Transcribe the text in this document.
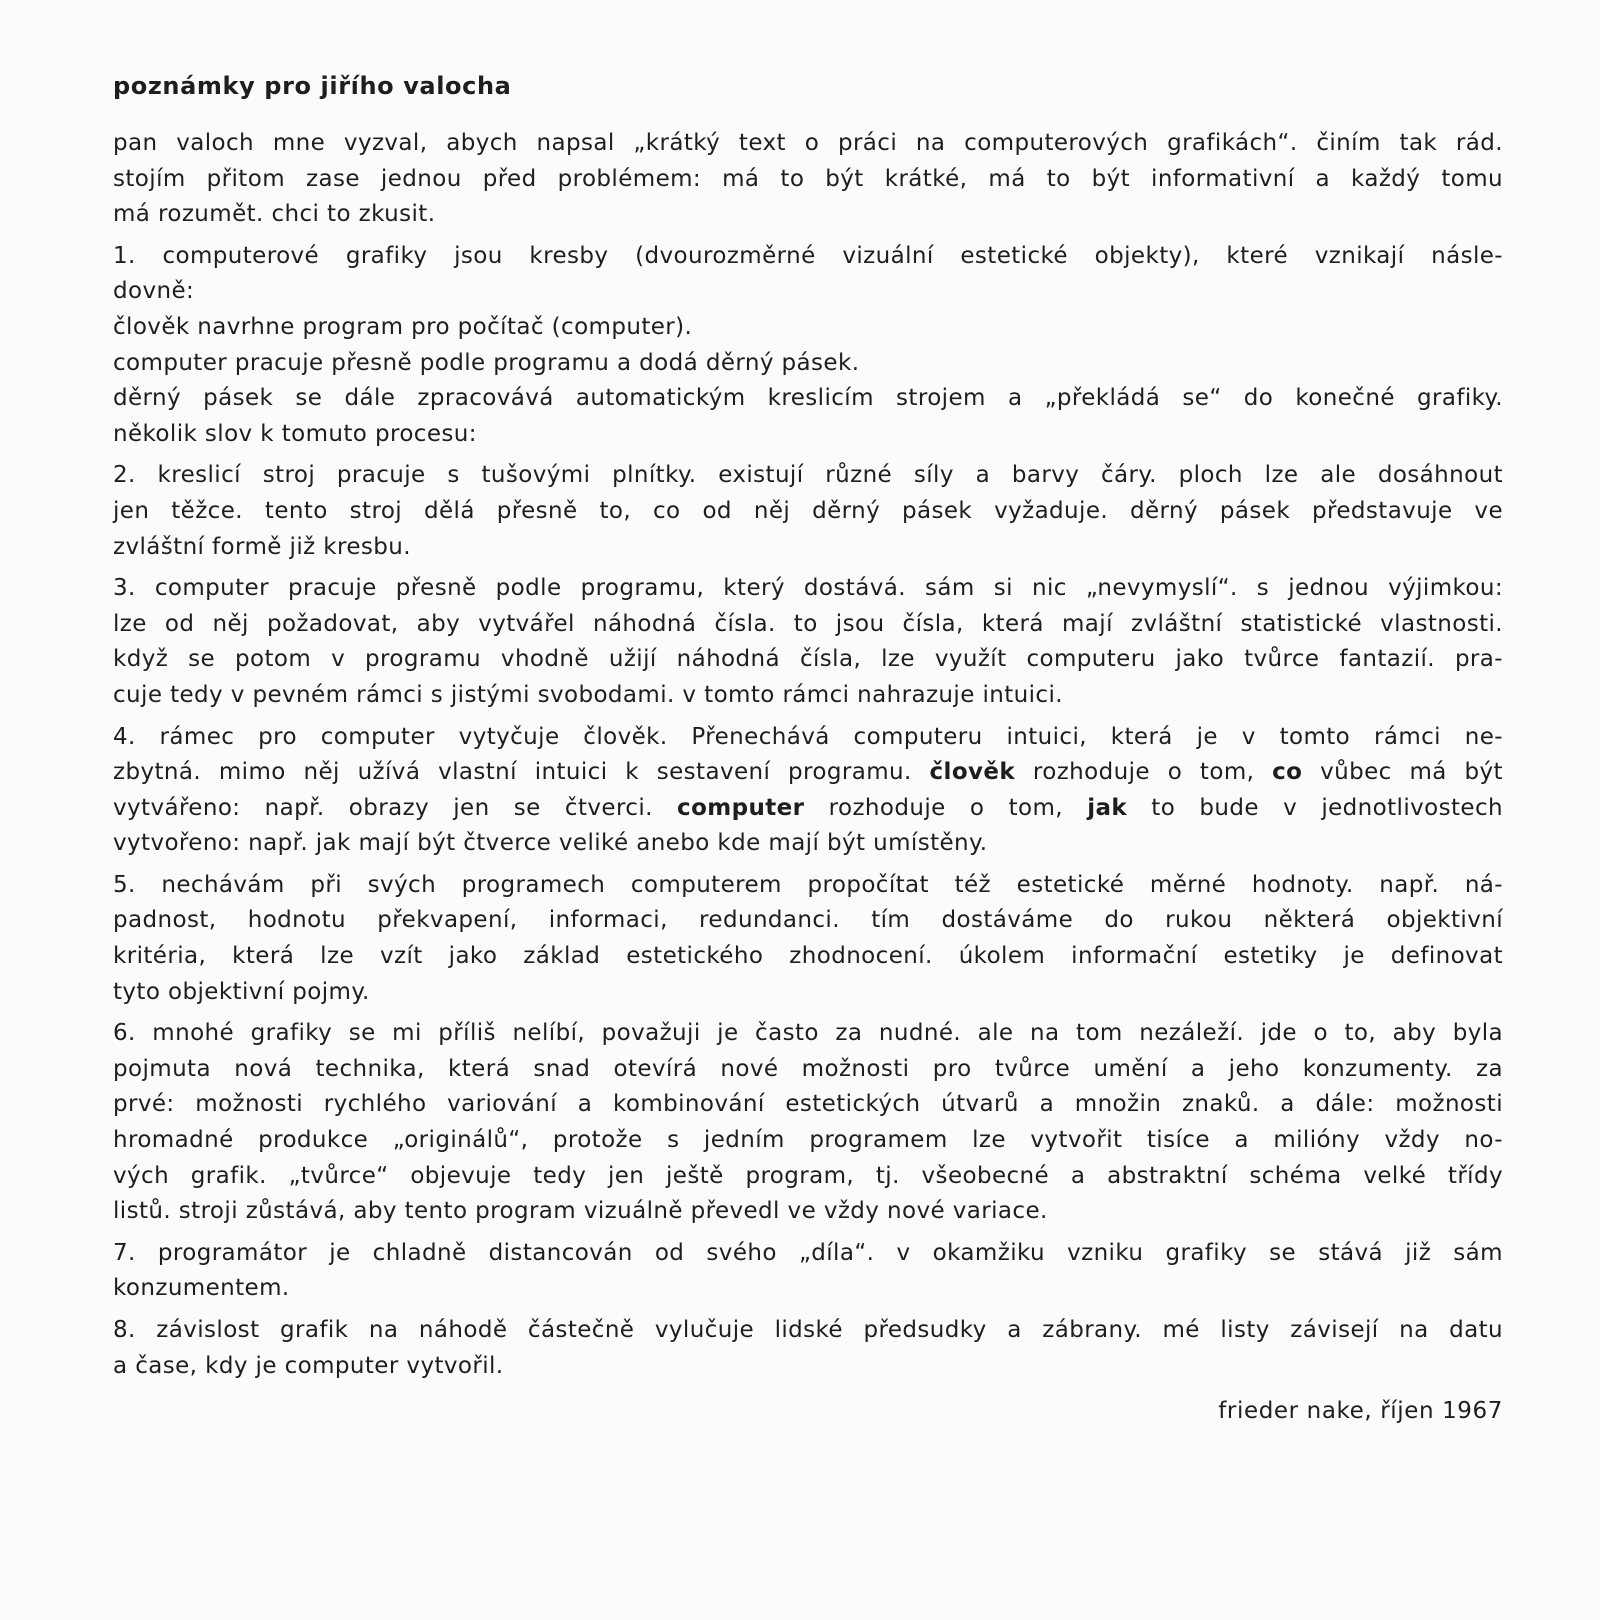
poznámky pro jiřího valocha
pan valoch mne vyzval, abych napsal „krátký text o práci na computerových grafikách“. činím tak rád.
stojím přitom zase jednou před problémem: má to být krátké, má to být informativní a každý tomu
má rozumět. chci to zkusit.
1. computerové grafiky jsou kresby (dvourozměrné vizuální estetické objekty), které vznikají násle-
dovně:
člověk navrhne program pro počítač (computer).
computer pracuje přesně podle programu a dodá děrný pásek.
děrný pásek se dále zpracovává automatickým kreslicím strojem a „překládá se“ do konečné grafiky.
několik slov k tomuto procesu:
2. kreslicí stroj pracuje s tušovými plnítky. existují různé síly a barvy čáry. ploch lze ale dosáhnout
jen těžce. tento stroj dělá přesně to, co od něj děrný pásek vyžaduje. děrný pásek představuje ve
zvláštní formě již kresbu.
3. computer pracuje přesně podle programu, který dostává. sám si nic „nevymyslí“. s jednou výjimkou:
lze od něj požadovat, aby vytvářel náhodná čísla. to jsou čísla, která mají zvláštní statistické vlastnosti.
když se potom v programu vhodně užijí náhodná čísla, lze využít computeru jako tvůrce fantazií. pra-
cuje tedy v pevném rámci s jistými svobodami. v tomto rámci nahrazuje intuici.
4. rámec pro computer vytyčuje člověk. Přenechává computeru intuici, která je v tomto rámci ne-
zbytná. mimo něj užívá vlastní intuici k sestavení programu. člověk rozhoduje o tom, co vůbec má být
vytvářeno: např. obrazy jen se čtverci. computer rozhoduje o tom, jak to bude v jednotlivostech
vytvořeno: např. jak mají být čtverce veliké anebo kde mají být umístěny.
5. nechávám při svých programech computerem propočítat též estetické měrné hodnoty. např. ná-
padnost, hodnotu překvapení, informaci, redundanci. tím dostáváme do rukou některá objektivní
kritéria, která lze vzít jako základ estetického zhodnocení. úkolem informační estetiky je definovat
tyto objektivní pojmy.
6. mnohé grafiky se mi příliš nelíbí, považuji je často za nudné. ale na tom nezáleží. jde o to, aby byla
pojmuta nová technika, která snad otevírá nové možnosti pro tvůrce umění a jeho konzumenty. za
prvé: možnosti rychlého variování a kombinování estetických útvarů a množin znaků. a dále: možnosti
hromadné produkce „originálů“, protože s jedním programem lze vytvořit tisíce a milióny vždy no-
vých grafik. „tvůrce“ objevuje tedy jen ještě program, tj. všeobecné a abstraktní schéma velké třídy
listů. stroji zůstává, aby tento program vizuálně převedl ve vždy nové variace.
7. programátor je chladně distancován od svého „díla“. v okamžiku vzniku grafiky se stává již sám
konzumentem.
8. závislost grafik na náhodě částečně vylučuje lidské předsudky a zábrany. mé listy závisejí na datu
a čase, kdy je computer vytvořil.
frieder nake, říjen 1967
